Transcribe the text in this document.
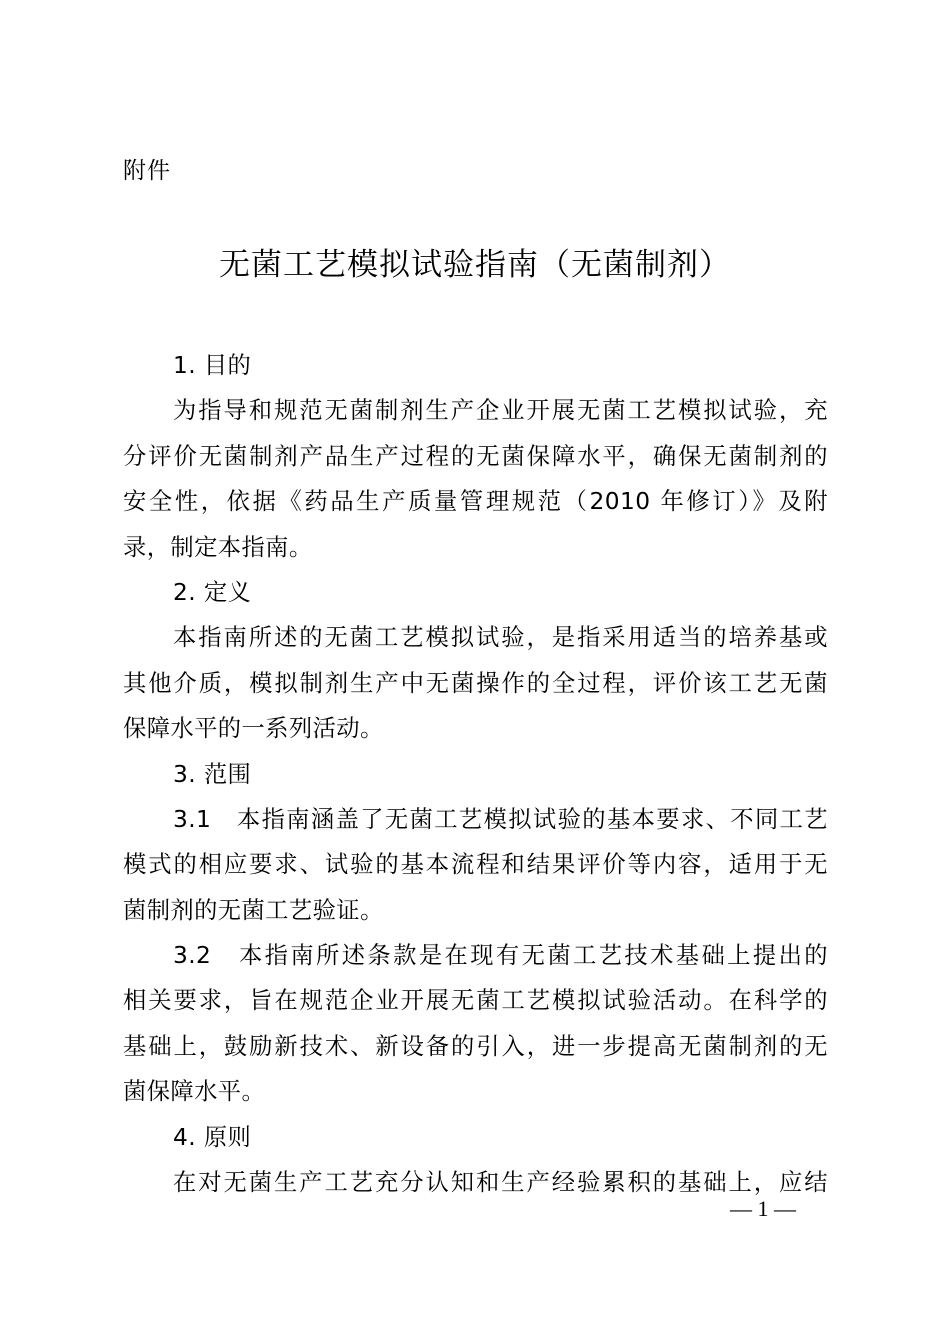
附件
无菌工艺模拟试验指南（无菌制剂）
1. 目的
为指导和规范无菌制剂生产企业开展无菌工艺模拟试验，充
分评价无菌制剂产品生产过程的无菌保障水平，确保无菌制剂的
安全性，依据《药品生产质量管理规范（2010 年修订）》及附
录，制定本指南。
2. 定义
本指南所述的无菌工艺模拟试验，是指采用适当的培养基或
其他介质，模拟制剂生产中无菌操作的全过程，评价该工艺无菌
保障水平的一系列活动。
3. 范围
3.1　本指南涵盖了无菌工艺模拟试验的基本要求、不同工艺
模式的相应要求、试验的基本流程和结果评价等内容，适用于无
菌制剂的无菌工艺验证。
3.2　本指南所述条款是在现有无菌工艺技术基础上提出的
相关要求，旨在规范企业开展无菌工艺模拟试验活动。在科学的
基础上，鼓励新技术、新设备的引入，进一步提高无菌制剂的无
菌保障水平。
4. 原则
在对无菌生产工艺充分认知和生产经验累积的基础上，应结
— 1 —
